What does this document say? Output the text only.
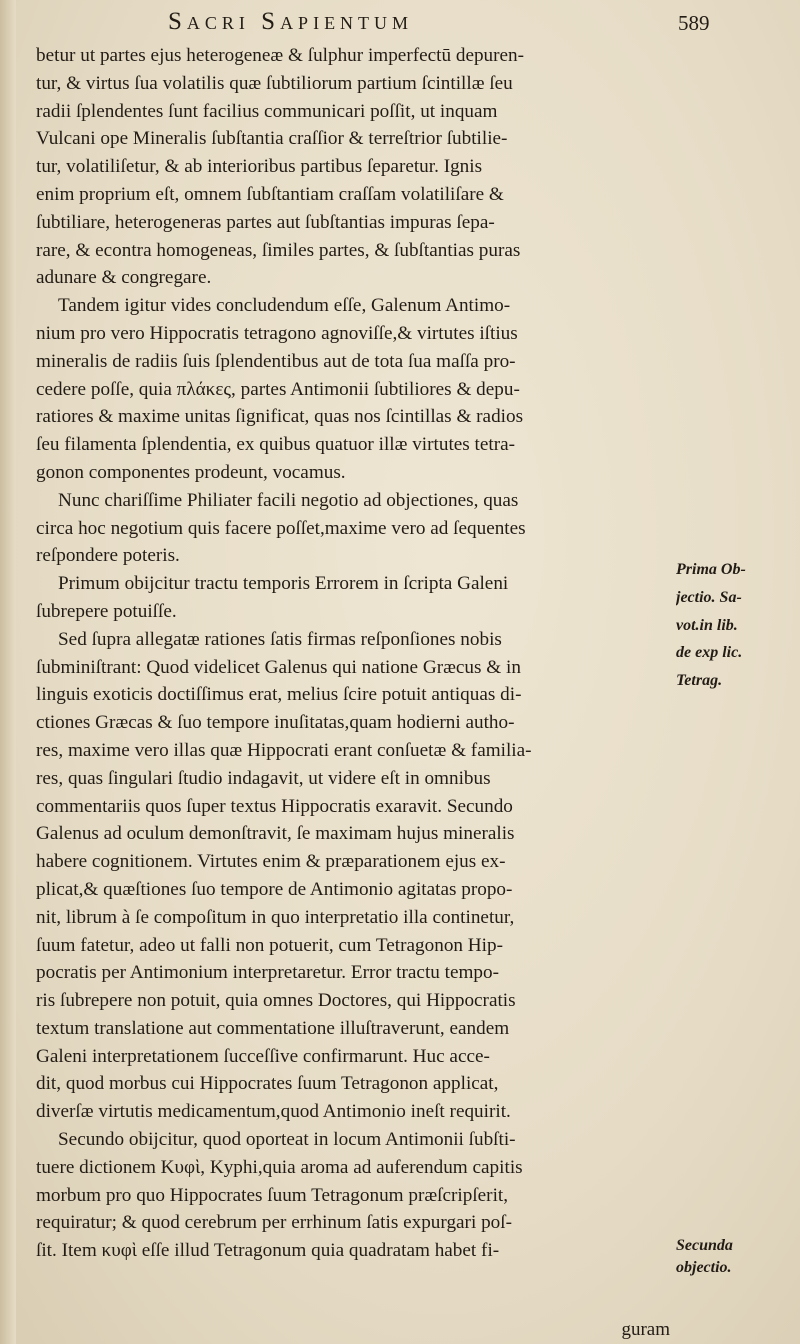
Sacri Sapientum	589
betur ut partes ejus heterogeneæ & ſulphur imperfectū depuren-
tur, & virtus ſua volatilis quæ ſubtiliorum partium ſcintillæ ſeu
radii ſplendentes ſunt facilius communicari poſſit, ut inquam
Vulcani ope Mineralis ſubſtantia craſſior & terreſtrior ſubtilie-
tur, volatiliſetur, & ab interioribus partibus ſeparetur. Ignis
enim proprium eſt, omnem ſubſtantiam craſſam volatiliſare &
ſubtiliare, heterogeneras partes aut ſubſtantias impuras ſepa-
rare, & econtra homogeneas, ſimiles partes, & ſubſtantias puras
adunare & congregare.
Tandem igitur vides concludendum eſſe, Galenum Antimo-
nium pro vero Hippocratis tetragono agnoviſſe,& virtutes iſtius
mineralis de radiis ſuis ſplendentibus aut de tota ſua maſſa pro-
cedere poſſe, quia πλάκες, partes Antimonii ſubtiliores & depu-
ratiores & maxime unitas ſignificat, quas nos ſcintillas & radios
ſeu filamenta ſplendentia, ex quibus quatuor illæ virtutes tetra-
gonon componentes prodeunt, vocamus.
Nunc chariſſime Philiater facili negotio ad objectiones, quas
circa hoc negotium quis facere poſſet,maxime vero ad ſequentes
reſpondere poteris.
Primum obijcitur tractu temporis Errorem in ſcripta Galeni
ſubrepere potuiſſe.
Sed ſupra allegatæ rationes ſatis firmas reſponſiones nobis
ſubminiſtrant: Quod videlicet Galenus qui natione Græcus & in
linguis exoticis doctiſſimus erat, melius ſcire potuit antiquas di-
ctiones Græcas & ſuo tempore inuſitatas,quam hodierni autho-
res, maxime vero illas quæ Hippocrati erant conſuetæ & familia-
res, quas ſingulari ſtudio indagavit, ut videre eſt in omnibus
commentariis quos ſuper textus Hippocratis exaravit. Secundo
Galenus ad oculum demonſtravit, ſe maximam hujus mineralis
habere cognitionem. Virtutes enim & præparationem ejus ex-
plicat,& quæſtiones ſuo tempore de Antimonio agitatas propo-
nit, librum à ſe compoſitum in quo interpretatio illa continetur,
ſuum fatetur, adeo ut falli non potuerit, cum Tetragonon Hip-
pocratis per Antimonium interpretaretur. Error tractu tempo-
ris ſubrepere non potuit, quia omnes Doctores, qui Hippocratis
textum translatione aut commentatione illuſtraverunt, eandem
Galeni interpretationem ſucceſſive confirmarunt. Huc acce-
dit, quod morbus cui Hippocrates ſuum Tetragonon applicat,
diverſæ virtutis medicamentum,quod Antimonio ineſt requirit.
Secundo obijcitur, quod oporteat in locum Antimonii ſubſti-
tuere dictionem Κυφὶ, Kyphi,quia aroma ad auferendum capitis
morbum pro quo Hippocrates ſuum Tetragonum præſcripſerit,
requiratur; & quod cerebrum per errhinum ſatis expurgari poſ-
ſit. Item κυφὶ eſſe illud Tetragonum quia quadratam habet fi-
Prima Ob-
jectio. Sa-
vot.in lib.
de exp lic.
Tetrag.
Secunda
objectio.
guram
